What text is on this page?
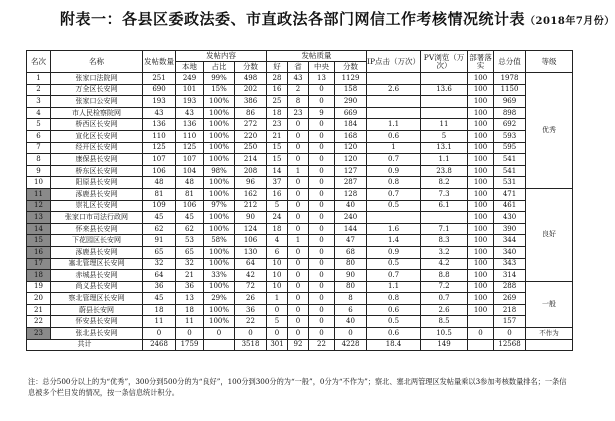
附表一：各县区委政法委、市直政法各部门网信工作考核情况统计表（2018年7月份）
名次	名称	发帖数量	发帖内容			发帖质量				IP点击（万次）	PV浏览（万次）	部署落实	总分值	等级
			本地	占比	分数	好	省	中央	分数					
1	张家口法院网	251	249	99%	498	28	43	13	1129			100	1978	优秀
2	万全区长安网	690	101	15%	202	16	2	0	158	2.6	13.6	100	1150	
3	张家口公安网	193	193	100%	386	25	8	0	290			100	969	
4	市人民检察院网	43	43	100%	86	18	23	9	669			100	898	
5	桥西区长安网	136	136	100%	272	23	0	0	184	1.1	11	100	692	
6	宣化区长安网	110	110	100%	220	21	0	0	168	0.6	5	100	593	
7	经开区长安网	125	125	100%	250	15	0	0	120	1	13.1	100	595	
8	康保县长安网	107	107	100%	214	15	0	0	120	0.7	1.1	100	541	
9	桥东区长安网	106	104	98%	208	14	1	0	127	0.9	23.8	100	541	
10	阳原县长安网	48	48	100%	96	37	0	0	287	0.8	8.2	100	531	
11	涿鹿县长安网	81	81	100%	162	16	0	0	128	0.7	7.3	100	471	良好
12	崇礼区长安网	109	106	97%	212	5	0	0	40	0.5	6.1	100	461	
13	张家口市司法行政网	45	45	100%	90	24	0	0	240			100	430	
14	怀来县长安网	62	62	100%	124	18	0	0	144	1.6	7.1	100	390	
15	下花园区长安网	91	53	58%	106	4	1	0	47	1.4	8.3	100	344	
16	涿鹿县长安网	65	65	100%	130	6	0	0	68	0.9	3.2	100	340	
17	塞北管理区长安网	32	32	100%	64	10	0	0	80	0.5	4.2	100	343	
18	赤城县长安网	64	21	33%	42	10	0	0	90	0.7	8.8	100	314	
19	尚义县长安网	36	36	100%	72	10	0	0	80	1.1	7.2	100	288	一般
20	察北管理区长安网	45	13	29%	26	1	0	0	8	0.8	0.7	100	269	
21	蔚县长安网	18	18	100%	36	0	0	0	6	0.6	2.6	100	218	
22	怀安县长安网	11	11	100%	22	5	0	0	40	0.5	8.5		157	
23	张北县长安网	0	0	0	0	0	0	0	0	0.6	10.5	0	0	不作为
共计		2468	1759		3518	301	92	22	4228	18.4	149		12568	
注：总分500分以上的为“优秀”，300分到500分的为“良好”，100分到300分的为“一般”，0分为“不作为”；察北、塞北两管理区发帖量乘以3参加考核数量排名；一条信息被多个栏目发的情况，按一条信息统计积分。
